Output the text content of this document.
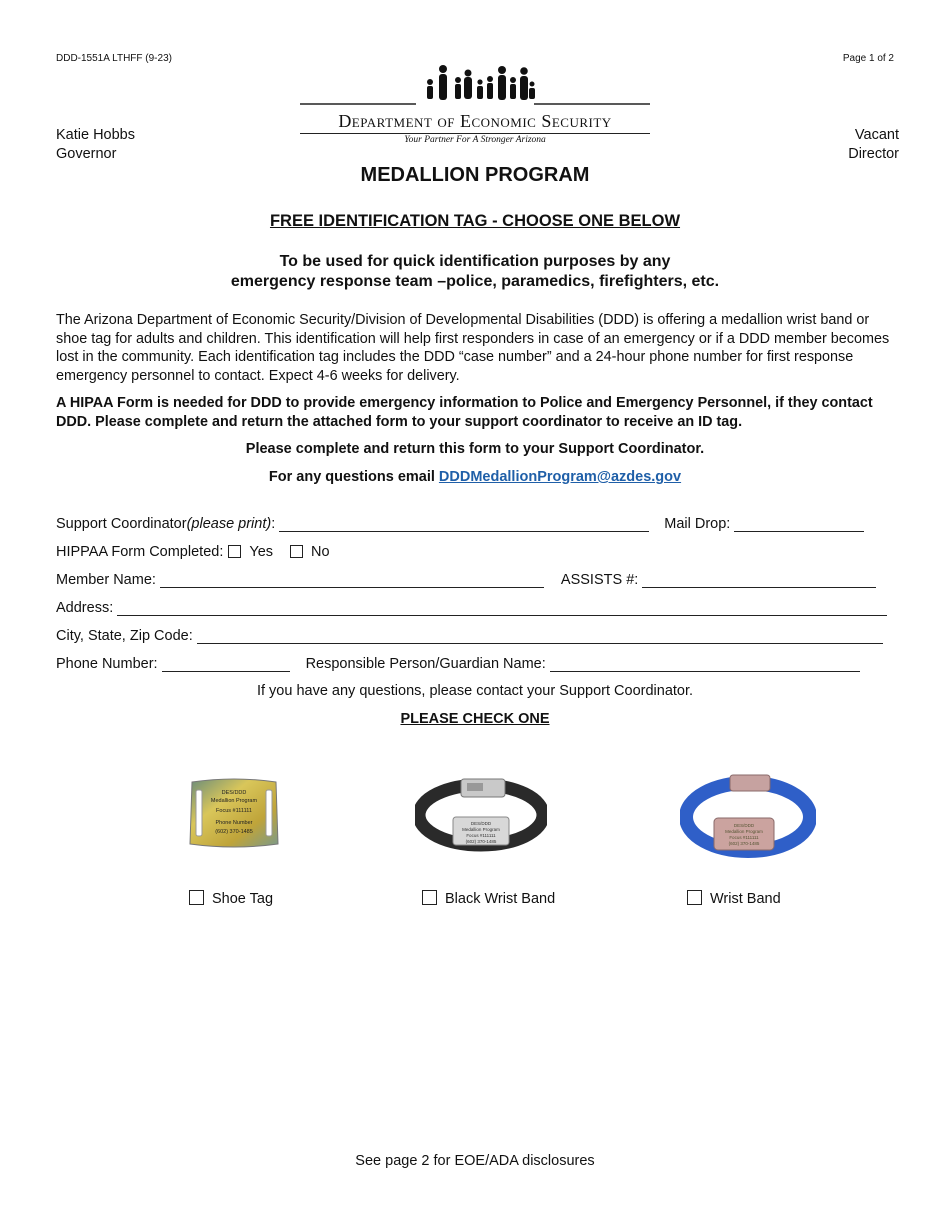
DDD-1551A LTHFF (9-23)	Page 1 of 2
Department of Economic Security
Your Partner For A Stronger Arizona
Katie Hobbs
Governor
Vacant
Director
MEDALLION PROGRAM
FREE IDENTIFICATION TAG - CHOOSE ONE BELOW
To be used for quick identification purposes by any
emergency response team –police, paramedics, firefighters, etc.

The Arizona Department of Economic Security/Division of Developmental Disabilities (DDD) is offering a medallion wrist band or shoe tag for adults and children. This identification will help first responders in case of an emergency or if a DDD member becomes lost in the community. Each identification tag includes the DDD “case number” and a 24-hour phone number for first response emergency personnel to contact. Expect 4-6 weeks for delivery.

A HIPAA Form is needed for DDD to provide emergency information to Police and Emergency Personnel, if they contact DDD. Please complete and return the attached form to your support coordinator to receive an ID tag.

Please complete and return this form to your Support Coordinator.
For any questions email DDDMedallionProgram@azdes.gov
Support Coordinator (please print) :	Mail Drop:
HIPPAA Form Completed: Yes	No
Member Name:	ASSISTS #:
Address:
City, State, Zip Code:
Phone Number:	Responsible Person/Guardian Name:
If you have any questions, please contact your Support Coordinator.
PLEASE CHECK ONE
DES/DDD
Medallion Program
Focus #111111
Phone Number
(602) 370-1485
DES/DDD
Medallion Program
Focus #111111
(602) 370-1485
DES/DDD
Medallion Program
Focus #111111
(602) 370-1485
Shoe Tag	Black Wrist Band	Wrist Band
See page 2 for EOE/ADA disclosures
